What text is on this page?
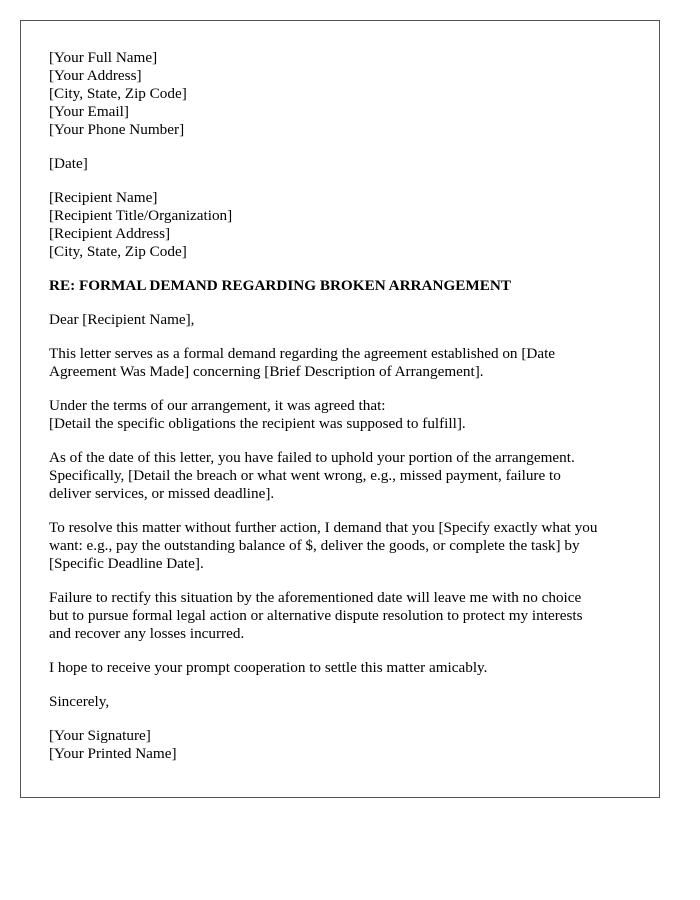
[Your Full Name]
[Your Address]
[City, State, Zip Code]
[Your Email]
[Your Phone Number]
[Date]
[Recipient Name]
[Recipient Title/Organization]
[Recipient Address]
[City, State, Zip Code]
RE: FORMAL DEMAND REGARDING BROKEN ARRANGEMENT
Dear [Recipient Name],
This letter serves as a formal demand regarding the agreement established on [Date
Agreement Was Made] concerning [Brief Description of Arrangement].
Under the terms of our arrangement, it was agreed that:
[Detail the specific obligations the recipient was supposed to fulfill].
As of the date of this letter, you have failed to uphold your portion of the arrangement.
Specifically, [Detail the breach or what went wrong, e.g., missed payment, failure to
deliver services, or missed deadline].
To resolve this matter without further action, I demand that you [Specify exactly what you
want: e.g., pay the outstanding balance of $, deliver the goods, or complete the task] by
[Specific Deadline Date].
Failure to rectify this situation by the aforementioned date will leave me with no choice
but to pursue formal legal action or alternative dispute resolution to protect my interests
and recover any losses incurred.
I hope to receive your prompt cooperation to settle this matter amicably.
Sincerely,
[Your Signature]
[Your Printed Name]
